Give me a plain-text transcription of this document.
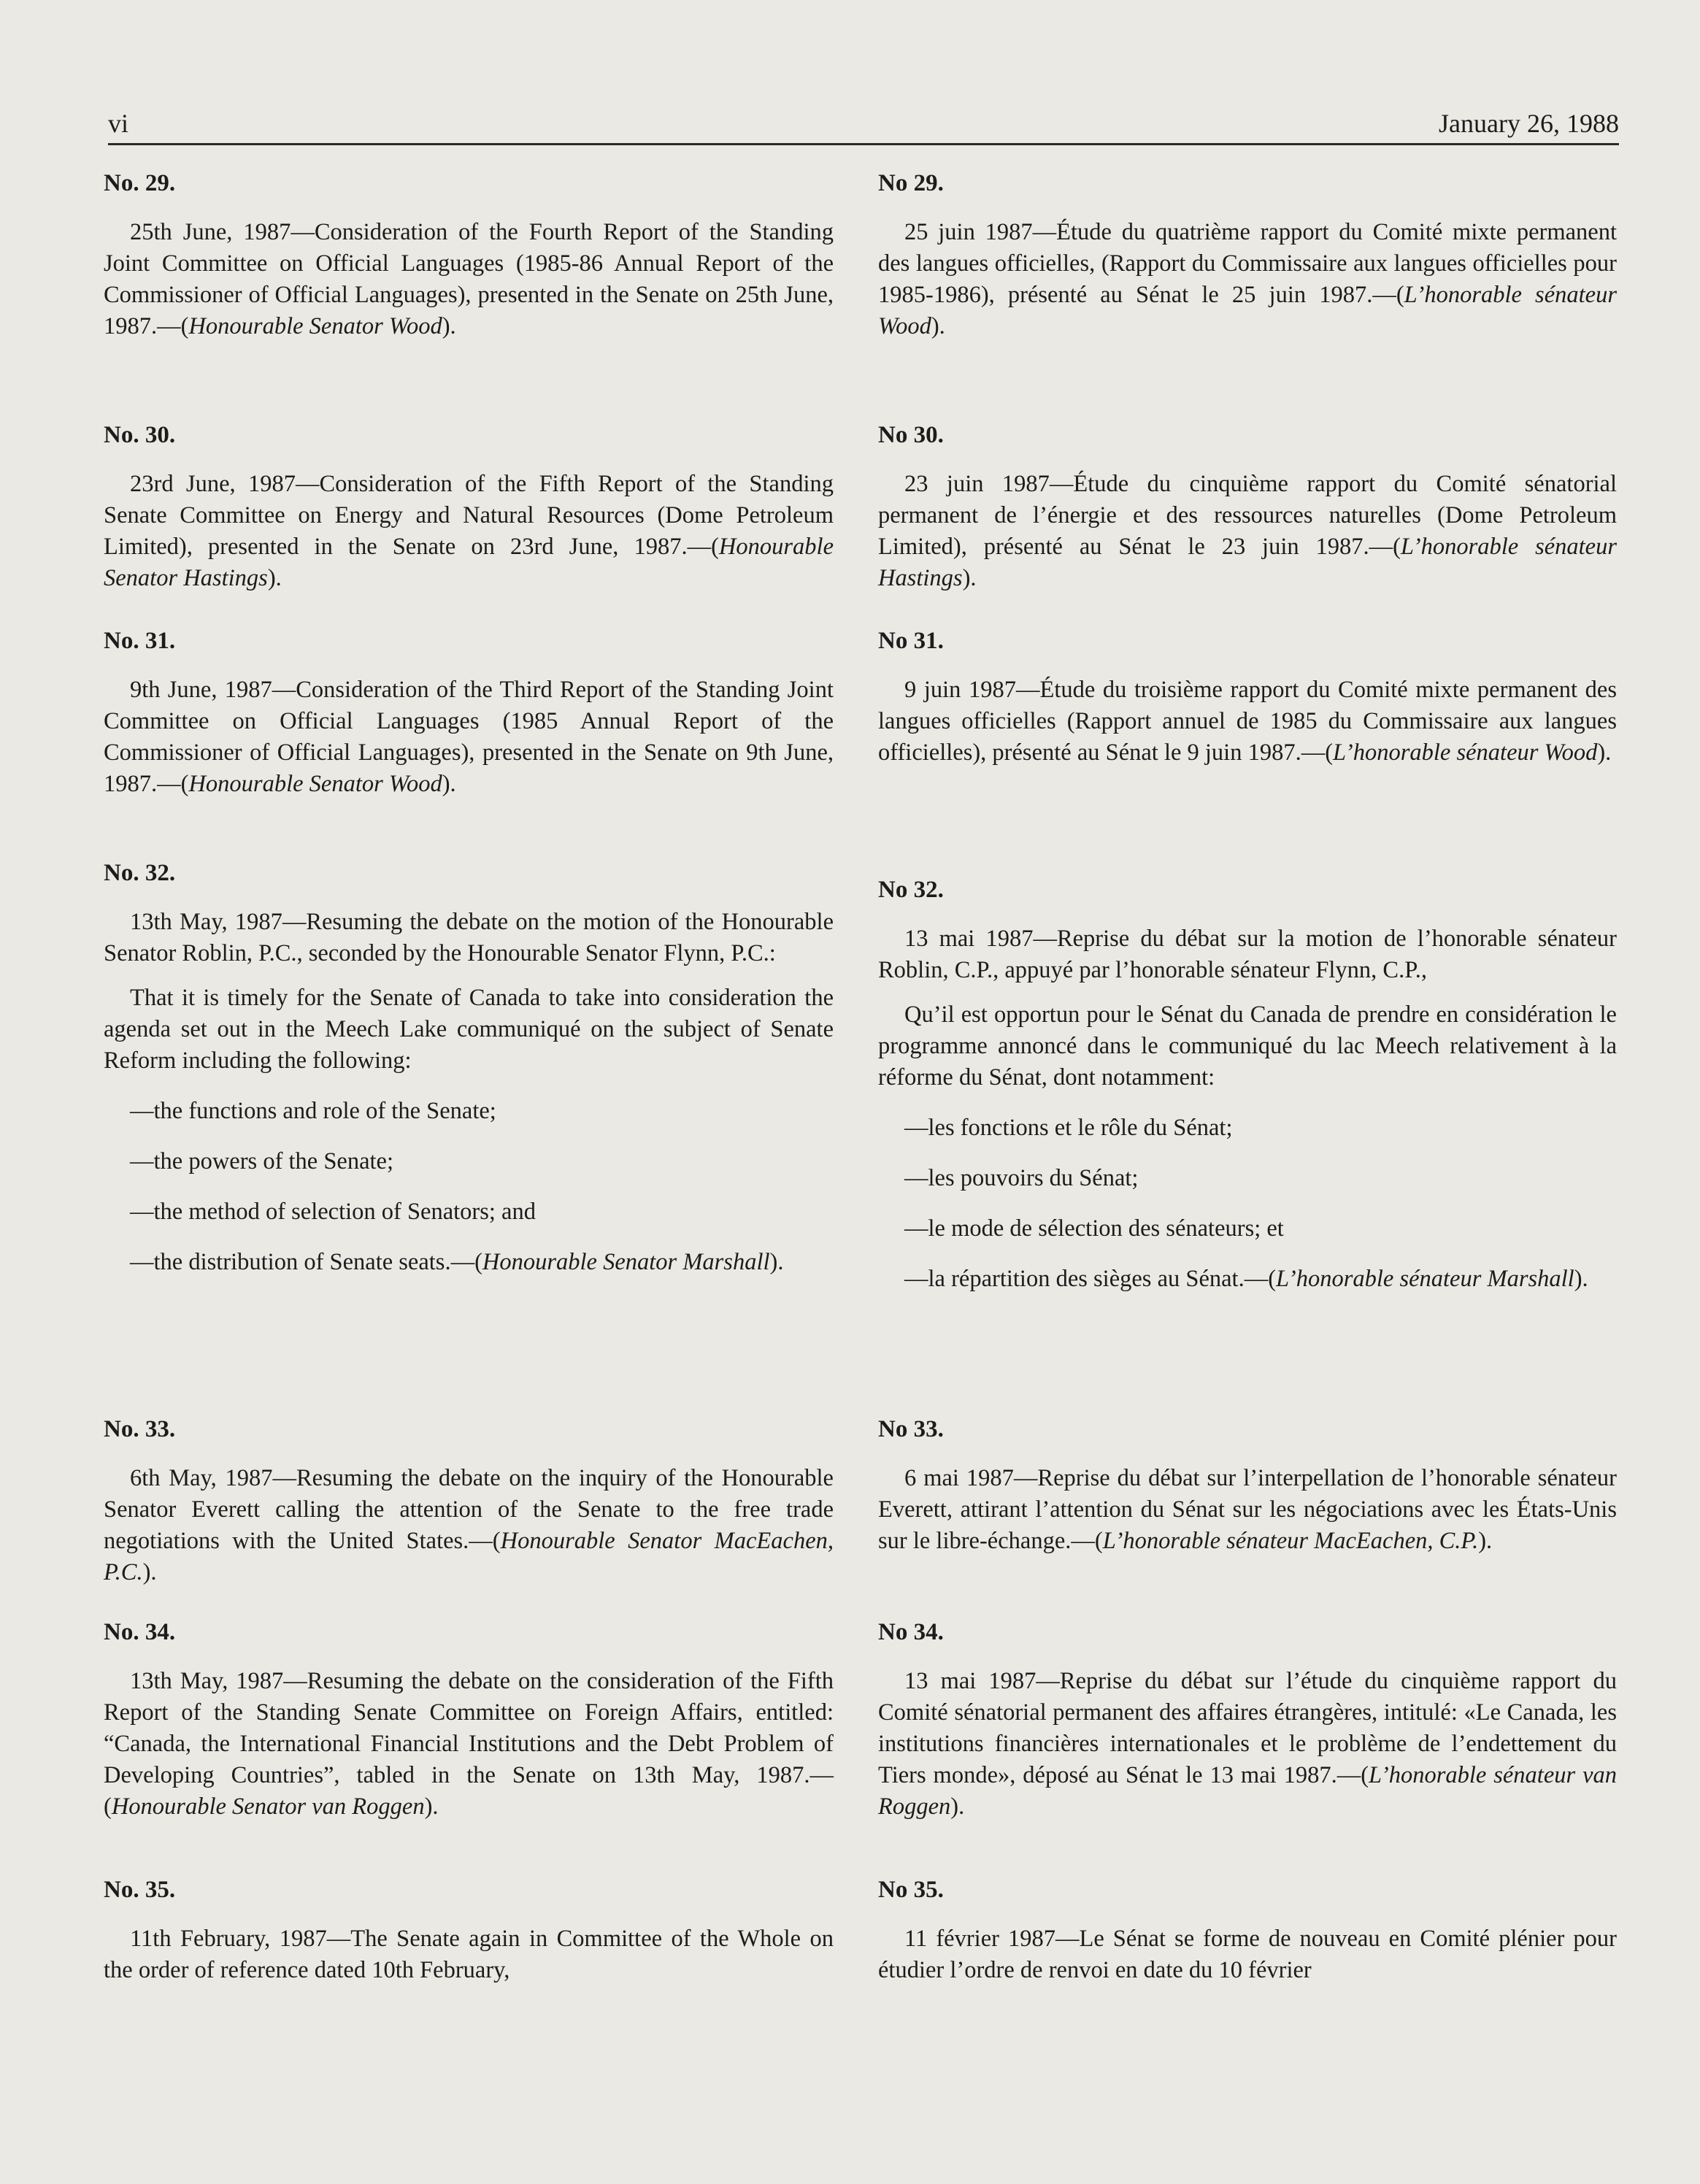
vi	January 26, 1988

No. 29.

25th June, 1987—Consideration of the Fourth Report of the Standing Joint Committee on Official Languages (1985-86 Annual Report of the Commissioner of Official Languages), presented in the Senate on 25th June, 1987.—(Honourable Senator Wood).

No. 30.

23rd June, 1987—Consideration of the Fifth Report of the Standing Senate Committee on Energy and Natural Resources (Dome Petroleum Limited), presented in the Senate on 23rd June, 1987.—(Honourable Senator Hastings).

No. 31.

9th June, 1987—Consideration of the Third Report of the Standing Joint Committee on Official Languages (1985 Annual Report of the Commissioner of Official Languages), presented in the Senate on 9th June, 1987.—(Honourable Senator Wood).

No. 32.

13th May, 1987—Resuming the debate on the motion of the Honourable Senator Roblin, P.C., seconded by the Honourable Senator Flynn, P.C.:

That it is timely for the Senate of Canada to take into consideration the agenda set out in the Meech Lake communiqué on the subject of Senate Reform including the following:

—the functions and role of the Senate;

—the powers of the Senate;

—the method of selection of Senators; and

—the distribution of Senate seats.—(Honourable Senator Marshall).

No. 33.

6th May, 1987—Resuming the debate on the inquiry of the Honourable Senator Everett calling the attention of the Senate to the free trade negotiations with the United States.—(Honourable Senator MacEachen, P.C.).

No. 34.

13th May, 1987—Resuming the debate on the consideration of the Fifth Report of the Standing Senate Committee on Foreign Affairs, entitled: “Canada, the International Financial Institutions and the Debt Problem of Developing Countries”, tabled in the Senate on 13th May, 1987.—(Honourable Senator van Roggen).

No. 35.

11th February, 1987—The Senate again in Committee of the Whole on the order of reference dated 10th February,

No 29.

25 juin 1987—Étude du quatrième rapport du Comité mixte permanent des langues officielles, (Rapport du Commissaire aux langues officielles pour 1985-1986), présenté au Sénat le 25 juin 1987.—(L’honorable sénateur Wood).

No 30.

23 juin 1987—Étude du cinquième rapport du Comité sénatorial permanent de l’énergie et des ressources naturelles (Dome Petroleum Limited), présenté au Sénat le 23 juin 1987.—(L’honorable sénateur Hastings).

No 31.

9 juin 1987—Étude du troisième rapport du Comité mixte permanent des langues officielles (Rapport annuel de 1985 du Commissaire aux langues officielles), présenté au Sénat le 9 juin 1987.—(L’honorable sénateur Wood).

No 32.

13 mai 1987—Reprise du débat sur la motion de l’honorable sénateur Roblin, C.P., appuyé par l’honorable sénateur Flynn, C.P.,

Qu’il est opportun pour le Sénat du Canada de prendre en considération le programme annoncé dans le communiqué du lac Meech relativement à la réforme du Sénat, dont notamment:

—les fonctions et le rôle du Sénat;

—les pouvoirs du Sénat;

—le mode de sélection des sénateurs; et

—la répartition des sièges au Sénat.—(L’honorable sénateur Marshall).

No 33.

6 mai 1987—Reprise du débat sur l’interpellation de l’honorable sénateur Everett, attirant l’attention du Sénat sur les négociations avec les États-Unis sur le libre-échange.—(L’honorable sénateur MacEachen, C.P.).

No 34.

13 mai 1987—Reprise du débat sur l’étude du cinquième rapport du Comité sénatorial permanent des affaires étrangères, intitulé: «Le Canada, les institutions financières internationales et le problème de l’endettement du Tiers monde», déposé au Sénat le 13 mai 1987.—(L’honorable sénateur van Roggen).

No 35.

11 février 1987—Le Sénat se forme de nouveau en Comité plénier pour étudier l’ordre de renvoi en date du 10 février
